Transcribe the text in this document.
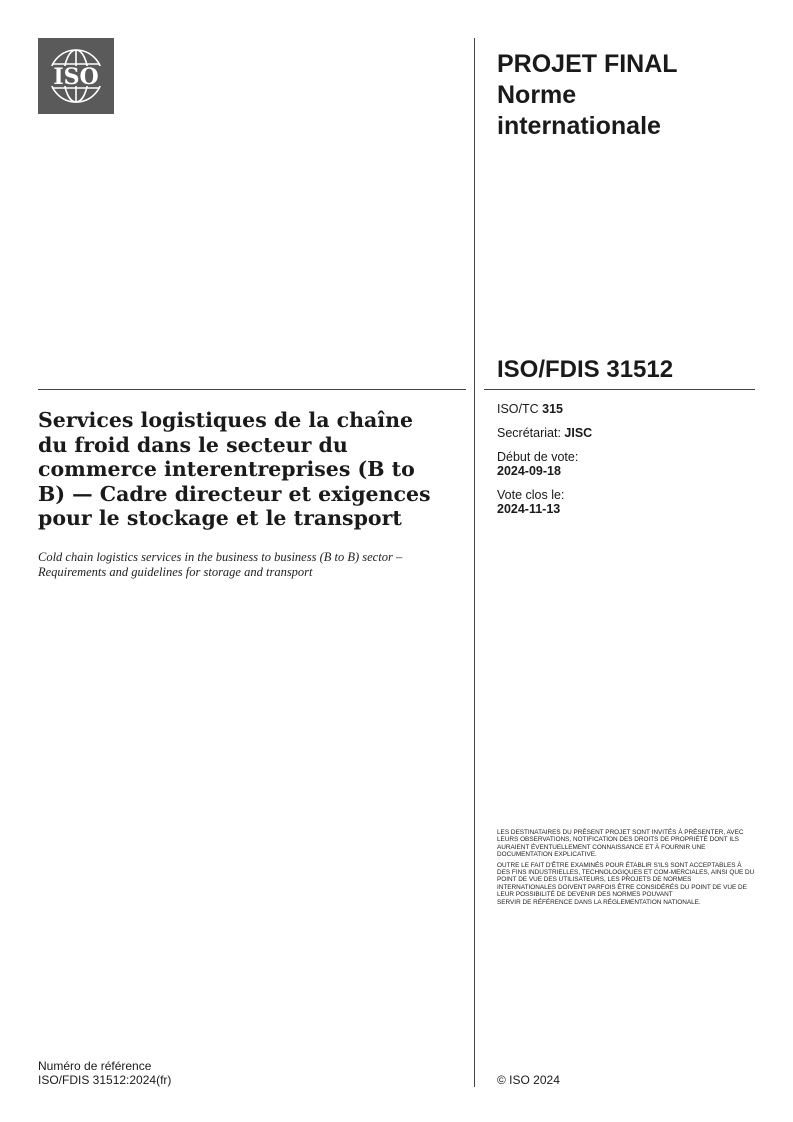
ISO	PROJET FINAL
Norme
internationale
ISO/FDIS 31512
Services logistiques de la chaîne du froid dans le secteur du commerce interentreprises (B to B) — Cadre directeur et exigences pour le stockage et le transport
Cold chain logistics services in the business to business (B to B) sector – Requirements and guidelines for storage and transport
ISO/TC 315
Secrétariat: JISC
Début de vote:
2024-09-18
Vote clos le:
2024-11-13

LES DESTINATAIRES DU PRÉSENT PROJET SONT INVITÉS À PRÉSENTER, AVEC LEURS OBSERVATIONS, NOTIFICATION DES DROITS DE PROPRIÉTÉ DONT ILS AURAIENT ÉVENTUELLEMENT CONNAISSANCE ET À FOURNIR UNE DOCUMENTATION EXPLICATIVE.

OUTRE LE FAIT D'ÊTRE EXAMINÉS POUR ÉTABLIR S'ILS SONT ACCEPTABLES À DES FINS INDUSTRIELLES, TECHNOLOGIQUES ET COM-MERCIALES, AINSI QUE DU POINT DE VUE DES UTILISATEURS, LES PROJETS DE NORMES
INTERNATIONALES DOIVENT PARFOIS ÊTRE CONSIDÉRÉS DU POINT DE VUE DE LEUR POSSIBILITÉ DE DEVENIR DES NORMES POUVANT
SERVIR DE RÉFÉRENCE DANS LA RÉGLEMENTATION NATIONALE.

Numéro de référence
ISO/FDIS 31512:2024(fr)	© ISO 2024
